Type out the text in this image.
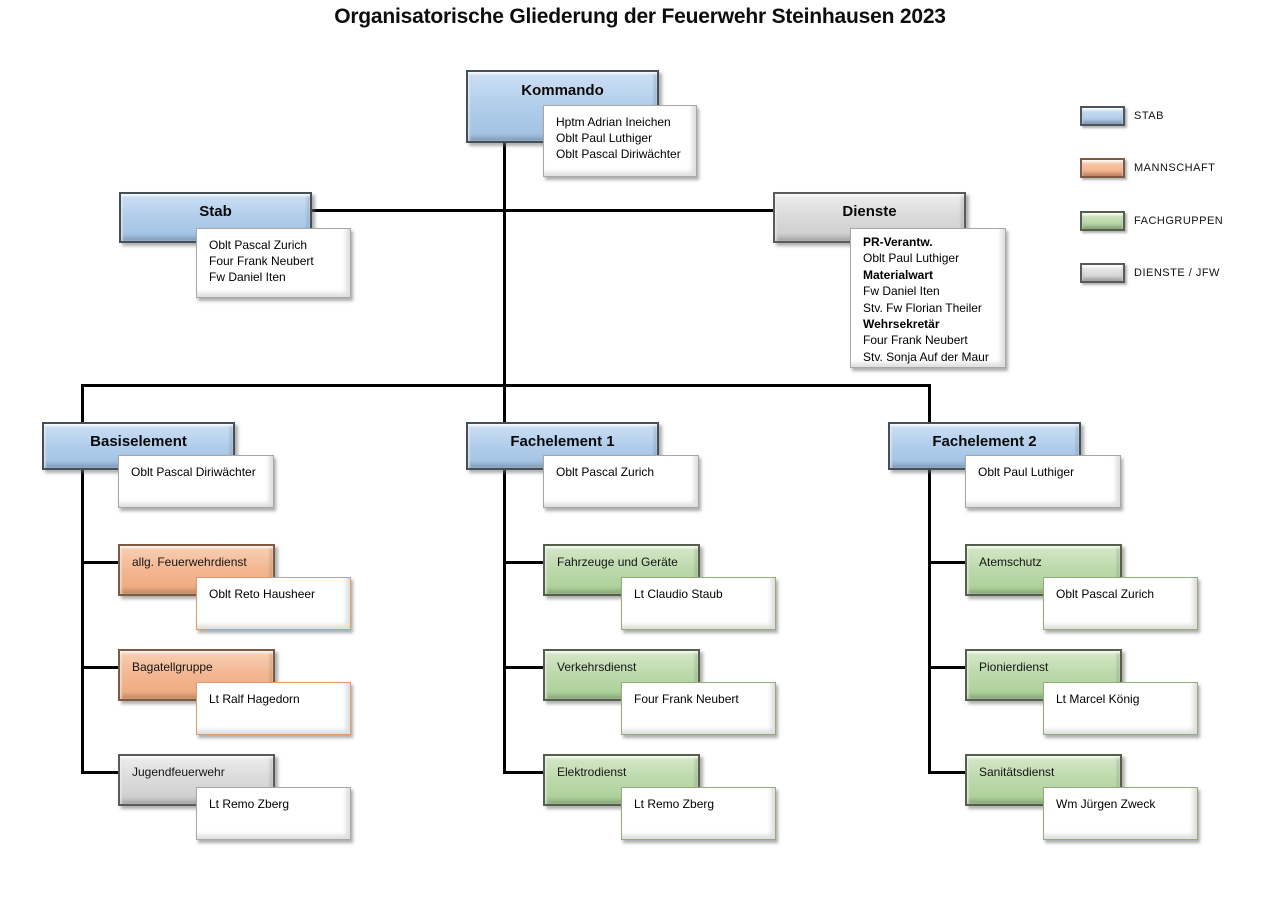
Organisatorische Gliederung der Feuerwehr Steinhausen 2023
Kommando
Hptm Adrian Ineichen
Oblt Paul Luthiger
Oblt Pascal Diriwächter
Stab
Oblt Pascal Zurich
Four Frank Neubert
Fw Daniel Iten
Dienste
PR-Verantw.
Oblt Paul Luthiger
Materialwart
Fw Daniel Iten
Stv. Fw Florian Theiler
Wehrsekretär
Four Frank Neubert
Stv. Sonja Auf der Maur
STAB
MANNSCHAFT
FACHGRUPPEN
DIENSTE / JFW
Basiselement
Oblt Pascal Diriwächter
allg. Feuerwehrdienst
Oblt Reto Hausheer
Bagatellgruppe
Lt Ralf Hagedorn
Jugendfeuerwehr
Lt Remo Zberg
Fachelement 1
Oblt Pascal Zurich
Fahrzeuge und Geräte
Lt Claudio Staub
Verkehrsdienst
Four Frank Neubert
Elektrodienst
Lt Remo Zberg
Fachelement 2
Oblt Paul Luthiger
Atemschutz
Oblt Pascal Zurich
Pionierdienst
Lt Marcel König
Sanitätsdienst
Wm Jürgen Zweck
